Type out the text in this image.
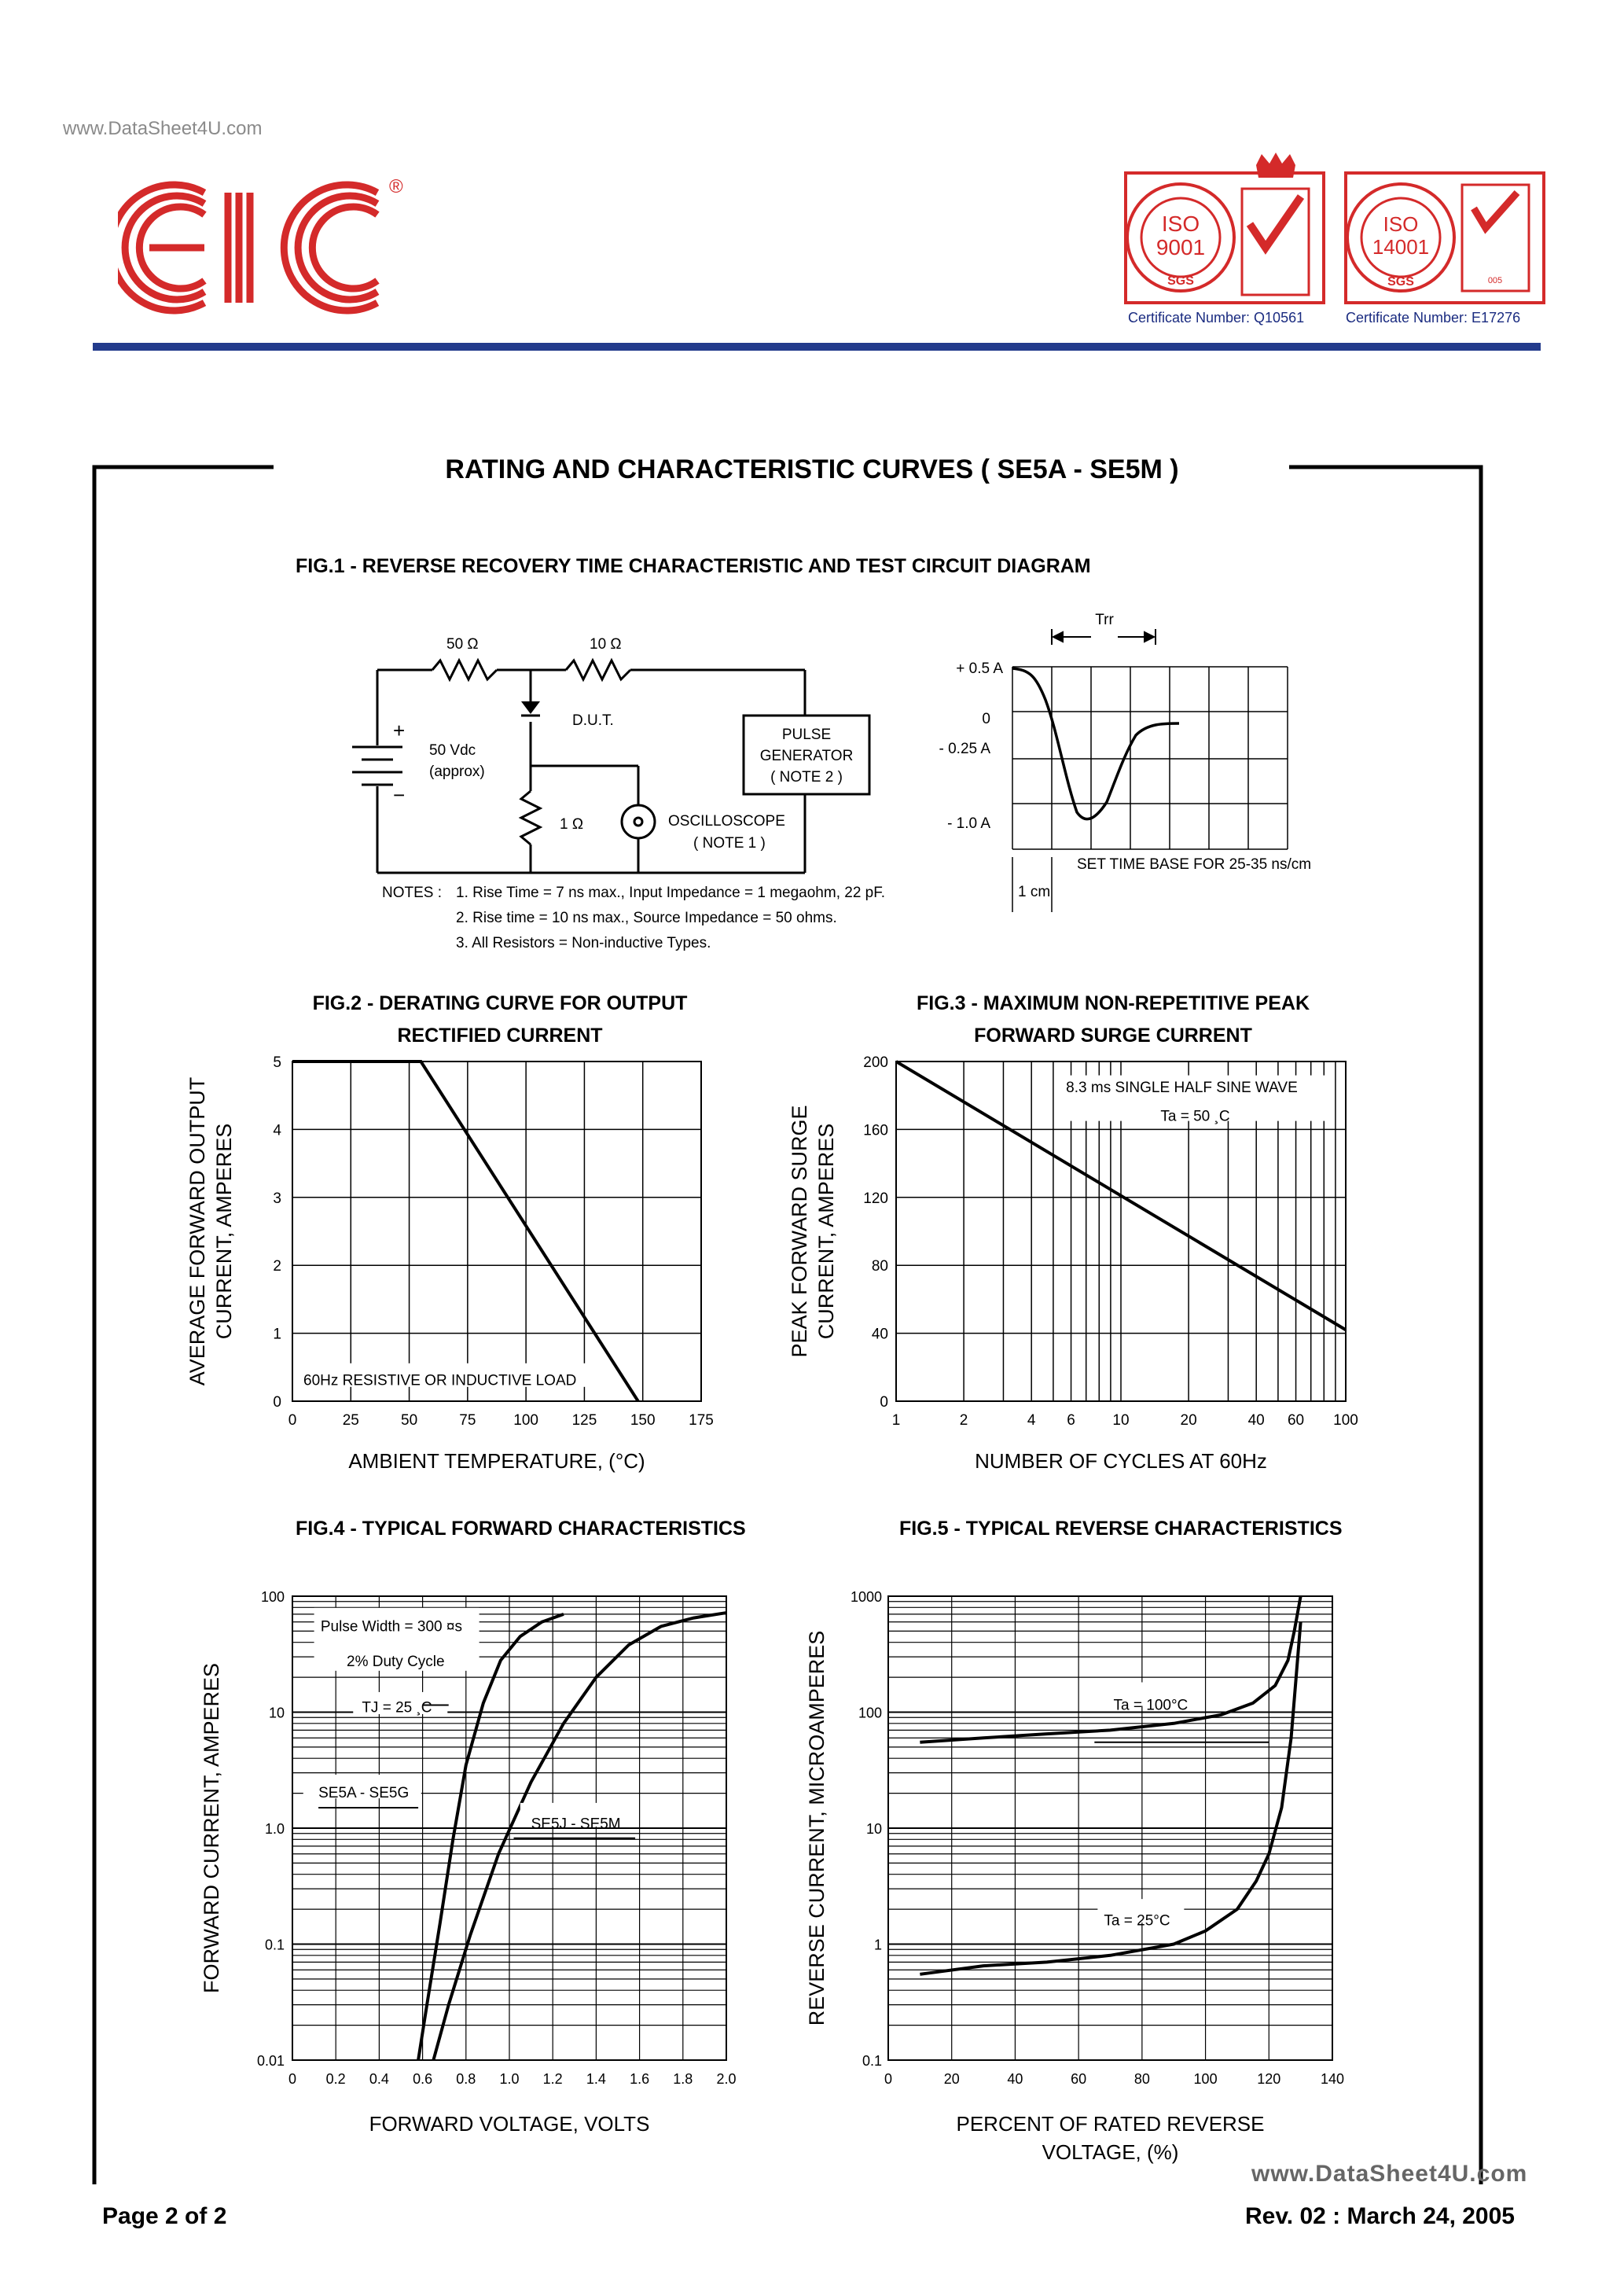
www.DataSheet4U.com
®
ISO
9001
SGS
Certificate Number: Q10561
ISO
14001
SGS	005
Certificate Number: E17276
RATING AND CHARACTERISTIC CURVES ( SE5A - SE5M )
FIG.1 - REVERSE RECOVERY TIME CHARACTERISTIC AND TEST CIRCUIT DIAGRAM
50 Ω	10 Ω
D.U.T.
+
−
50 Vdc
(approx)
1 Ω	OSCILLOSCOPE
( NOTE 1 )
PULSE
GENERATOR
( NOTE 2 )
NOTES : 1. Rise Time = 7 ns max., Input Impedance = 1 megaohm, 22 pF.
2. Rise time = 10 ns max., Source Impedance = 50 ohms.
3. All Resistors = Non-inductive Types.
Trr
+ 0.5 A
0
- 0.25 A
- 1.0 A
SET TIME BASE FOR 25-35 ns/cm
1 cm
FIG.2 - DERATING CURVE FOR OUTPUT
RECTIFIED CURRENT
0	25	50	75	100 125 150 175
0
1
2
3
4
5
60Hz RESISTIVE OR INDUCTIVE LOAD
AMBIENT TEMPERATURE, (°C)
AVERAGE FORWARD OUTPUT CURRENT, AMPERES
FIG.3 - MAXIMUM NON-REPETITIVE PEAK
FORWARD SURGE CURRENT
1	2	4 6	10	20	40 60 100
0
40
80
120
160
200
8.3 ms SINGLE HALF SINE WAVE
Ta = 50 ¸C
NUMBER OF CYCLES AT 60Hz
PEAK FORWARD SURGE CURRENT, AMPERES
FIG.4 - TYPICAL FORWARD CHARACTERISTICS
0 0.2 0.4 0.6 0.8 1.0 1.2 1.4 1.6 1.8 2.0
0.01
0.1
1.0
10
100
Pulse Width = 300 ¤s
2% Duty Cycle
TJ = 25 ¸C
SE5A - SE5G
SE5J - SE5M
FORWARD VOLTAGE, VOLTS
FORWARD CURRENT, AMPERES
FIG.5 - TYPICAL REVERSE CHARACTERISTICS
0	20	40	60	80	100	120	140
0.1
1
10
100
1000
Ta = 100°C
Ta = 25°C
PERCENT OF RATED REVERSE
VOLTAGE, (%)
REVERSE CURRENT, MICROAMPERES
www.DataSheet4U.com
Page 2 of 2	Rev. 02 : March 24, 2005
